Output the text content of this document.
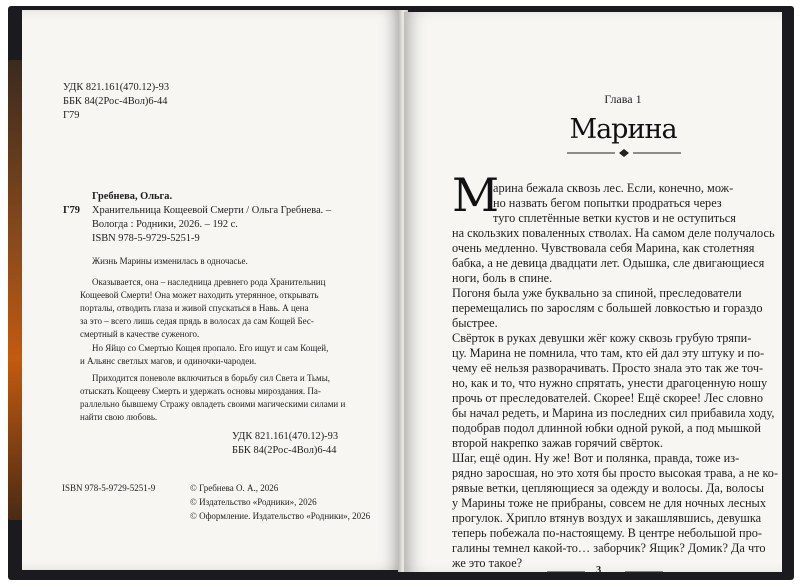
УДК 821.161(470.12)-93
ББК 84(2Рос-4Вол)6-44
Г79
Гребнева, Ольга.
Г79 Хранительница Кощеевой Смерти / Ольга Гребнева. –
Вологда : Родники, 2026. – 192 с.
ISBN 978-5-9729-5251-9
Жизнь Марины изменилась в одночасье.
Оказывается, она – наследница древнего рода Хранительниц
Кощеевой Смерти! Она может находить утерянное, открывать
порталы, отводить глаза и живой спускаться в Навь. А цена
за это – всего лишь седая прядь в волосах да сам Кощей Бес-
смертный в качестве суженого.
Но Яйцо со Смертью Кощея пропало. Его ищут и сам Кощей,
и Альянс светлых магов, и одиночки-чародеи.
Приходится поневоле включиться в борьбу сил Света и Тьмы,
отыскать Кощееву Смерть и удержать основы мироздания. Па-
раллельно бывшему Стражу овладеть своими магическими силами и
найти свою любовь.
УДК 821.161(470.12)-93
ББК 84(2Рос-4Вол)6-44
ISBN 978-5-9729-5251-9	© Гребнева О. А., 2026
© Издательство «Родники», 2026
© Оформление. Издательство «Родники», 2026
Глава 1
Марина
М
арина бежала сквозь лес. Если, конечно, мож-
но назвать бегом попытки продраться через
туго сплетённые ветки кустов и не оступиться
на скользких поваленных стволах. На самом деле получалось
очень медленно. Чувствовала себя Марина, как столетняя
бабка, а не девица двадцати лет. Одышка, сле двигающиеся
ноги, боль в спине.
Погоня была уже буквально за спиной, преследователи
перемещались по зарослям с большей ловкостью и гораздо
быстрее.
Свёрток в руках девушки жёг кожу сквозь грубую тряпи-
цу. Марина не помнила, что там, кто ей дал эту штуку и по-
чему её нельзя разворачивать. Просто знала это так же точ-
но, как и то, что нужно спрятать, унести драгоценную ношу
прочь от преследователей. Скорее! Ещё скорее! Лес словно
бы начал редеть, и Марина из последних сил прибавила ходу,
подобрав подол длинной юбки одной рукой, а под мышкой
второй накрепко зажав горячий свёрток.
Шаг, ещё один. Ну же! Вот и полянка, правда, тоже из-
рядно заросшая, но это хотя бы просто высокая трава, а не ко-
рявые ветки, цепляющиеся за одежду и волосы. Да, волосы
у Марины тоже не прибраны, совсем не для ночных лесных
прогулок. Хрипло втянув воздух и закашлявшись, девушка
теперь побежала по-настоящему. В центре небольшой про-
галины темнел какой-то… заборчик? Ящик? Домик? Да что
же это такое?
3
